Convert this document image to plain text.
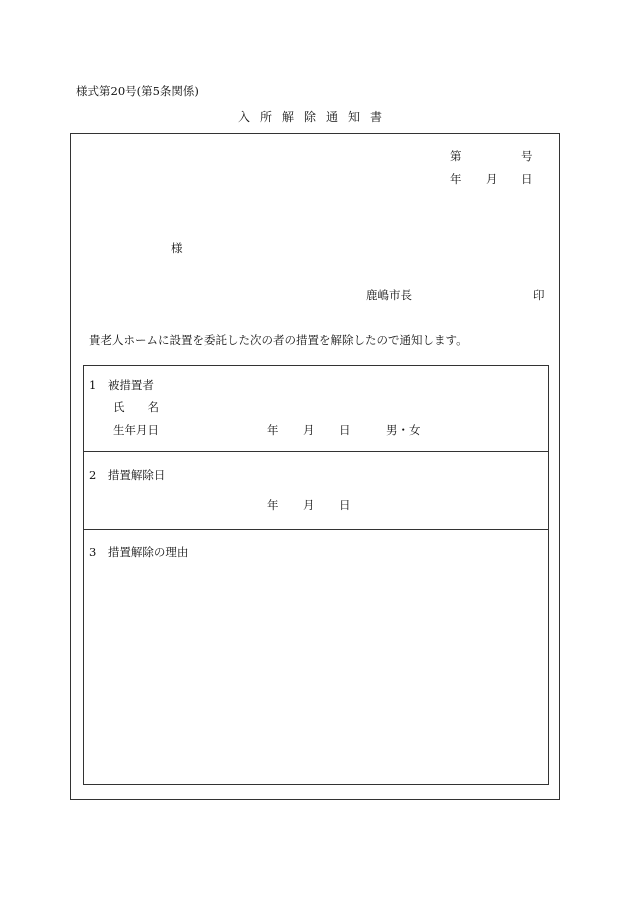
様式第20号(第5条関係)
入所解除通知書
第	号
年 月 日
様
鹿嶋市長	印
貴老人ホームに設置を委託した次の者の措置を解除したので通知します。
1　被措置者
氏　　名
生年月日	年 月 日	男・女
2　措置解除日
年 月 日
3　措置解除の理由
